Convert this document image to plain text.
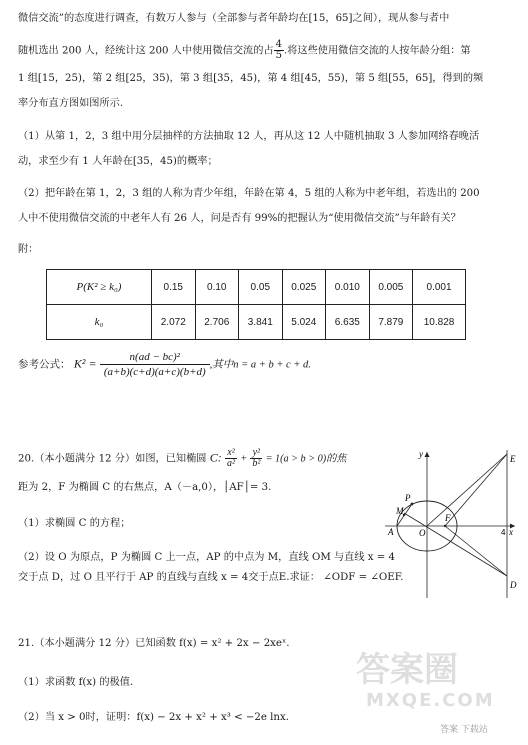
微信交流”的态度进行调查，有数万人参与（全部参与者年龄均在[15，65]之间），现从参与者中
随机选出 200 人，经统计这 200 人中使用微信交流的占 $\frac{4}{5}$ .将这些使用微信交流的人按年龄分组：第
1 组[15，25)，第 2 组[25，35)，第 3 组[35，45)，第 4 组[45，55)，第 5 组[55，65]，得到的频
率分布直方图如图所示.
（1）从第 1，2，3 组中用分层抽样的方法抽取 12 人，再从这 12 人中随机抽取 3 人参加网络春晚活
动，求至少有 1 人年龄在[35，45)的概率；
（2）把年龄在第 1，2，3 组的人称为青少年组，年龄在第 4，5 组的人称为中老年组，若选出的 200
人中不使用微信交流的中老年人有 26 人，问是否有 99%的把握认为“使用微信交流”与年龄有关？
附：
P(K² ≥ k₀)	0.15	0.10	0.05	0.025	0.010	0.005	0.001
k₀	2.072	2.706	3.841	5.024	6.635	7.879	10.828
参考公式： $K^2 = \frac{\text{n(ad − bc)²}}{(a+b)(c+d)(a+c)(b+d)}$ ,其中n = a + b + c + d.
20.（本小题满分 12 分）如图，已知椭圆 C: $\frac{\text{x²}}{\text{a²}} + \frac{\text{y²}}{\text{b²}} = 1(a > b > 0)$的焦
距为 2，F 为椭圆 C 的右焦点，A（－a,0），│AF│= 3.
（1）求椭圆 C 的方程；
（2）设 O 为原点，P 为椭圆 C 上一点，AP 的中点为 M，直线 OM 与直线 x = 4
交于点 D，过 O 且平行于 AP 的直线与直线 x = 4交于点E.求证： ∠ODF = ∠OEF.
y
x
4
A	O
F
M
P
E
D
21.（本小题满分 12 分）已知函数 f(x) = x² + 2x − 2xeˣ.
（1）求函数 f(x) 的极值.
（2）当 x > 0时，证明：f(x) − 2x + x² + x³ < −2e lnx.
答案圈
MXQE.COM
答案 下载站
